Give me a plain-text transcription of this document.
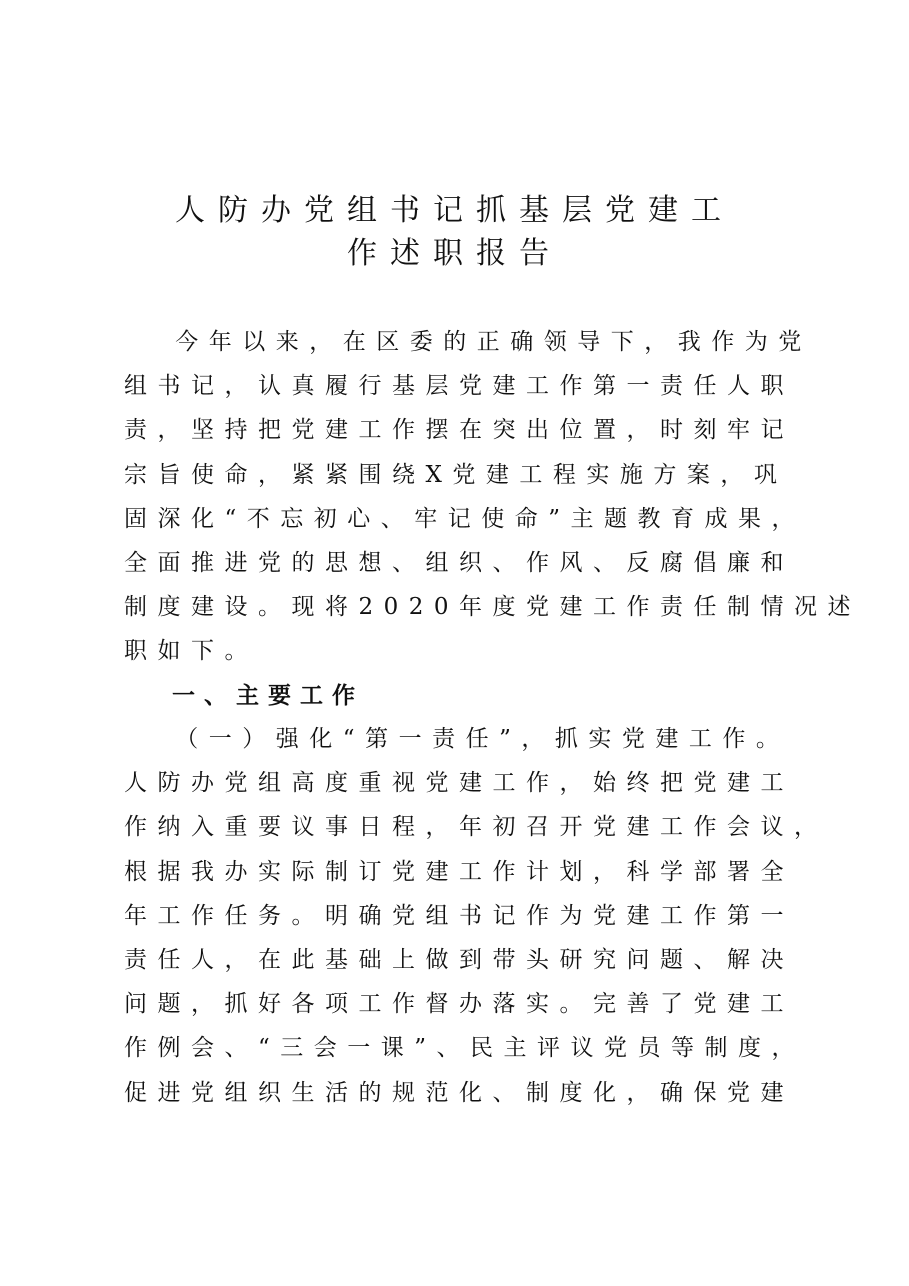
人防办党组书记抓基层党建工
作述职报告

　 今年以来，在区委的正确领导下，我作为党
组书记，认真履行基层党建工作第一责任人职
责，坚持把党建工作摆在突出位置，时刻牢记
宗旨使命，紧紧围绕X党建工程实施方案，巩
固深化“不忘初心、牢记使命”主题教育成果，
全面推进党的思想、组织、作风、反腐倡廉和
制度建设。现将2020年度党建工作责任制情况述
职如下。

一、主要工作

　 （一）强化“第一责任”，抓实党建工作。
人防办党组高度重视党建工作，始终把党建工
作纳入重要议事日程，年初召开党建工作会议，
根据我办实际制订党建工作计划，科学部署全
年工作任务。明确党组书记作为党建工作第一
责任人，在此基础上做到带头研究问题、解决
问题，抓好各项工作督办落实。完善了党建工
作例会、“三会一课”、民主评议党员等制度，
促进党组织生活的规范化、制度化，确保党建
